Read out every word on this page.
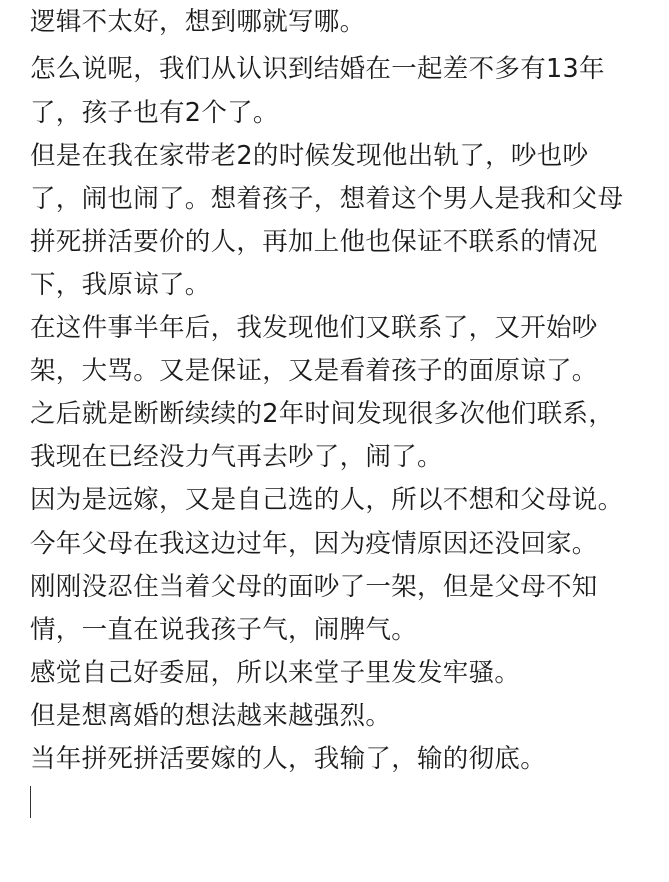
逻辑不太好，想到哪就写哪。
怎么说呢，我们从认识到结婚在一起差不多有13年
了，孩子也有2个了。
但是在我在家带老2的时候发现他出轨了，吵也吵
了，闹也闹了。想着孩子，想着这个男人是我和父母
拼死拼活要价的人，再加上他也保证不联系的情况
下，我原谅了。
在这件事半年后，我发现他们又联系了，又开始吵
架，大骂。又是保证，又是看着孩子的面原谅了。
之后就是断断续续的2年时间发现很多次他们联系，
我现在已经没力气再去吵了，闹了。
因为是远嫁，又是自己选的人，所以不想和父母说。
今年父母在我这边过年，因为疫情原因还没回家。
刚刚没忍住当着父母的面吵了一架，但是父母不知
情，一直在说我孩子气，闹脾气。
感觉自己好委屈，所以来堂子里发发牢骚。
但是想离婚的想法越来越强烈。
当年拼死拼活要嫁的人，我输了，输的彻底。
